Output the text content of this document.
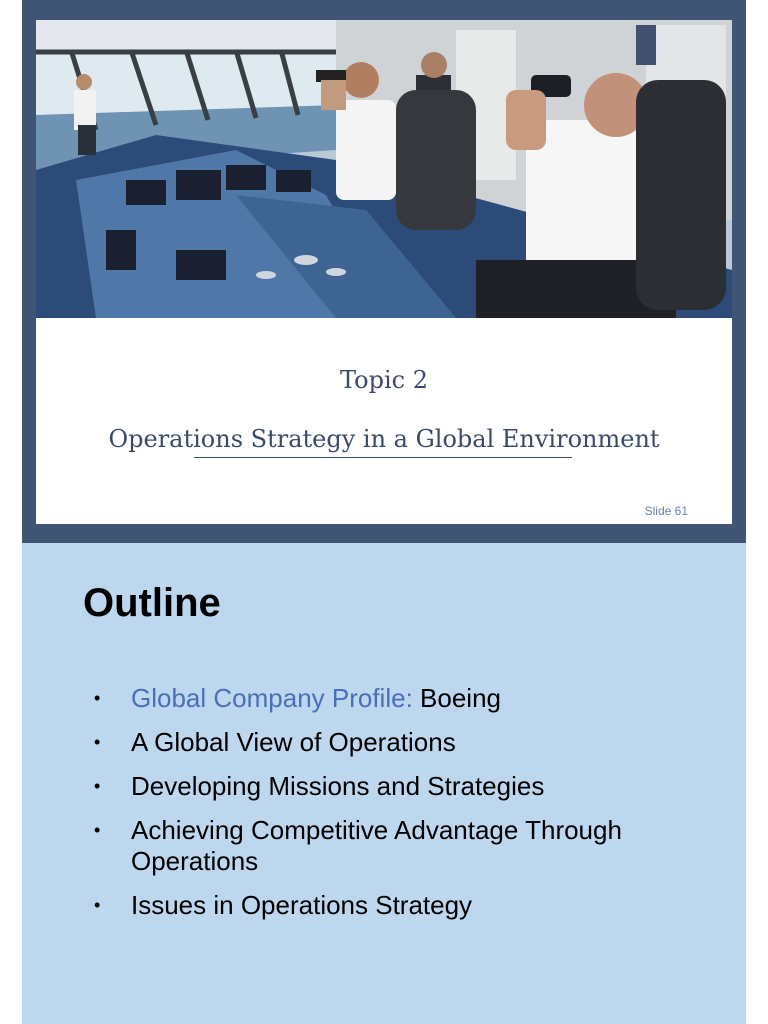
Topic 2
Operations Strategy in a Global Environment
Slide 61
Outline
• Global Company Profile: Boeing
• A Global View of Operations
• Developing Missions and Strategies
• Achieving Competitive Advantage Through Operations
• Issues in Operations Strategy
